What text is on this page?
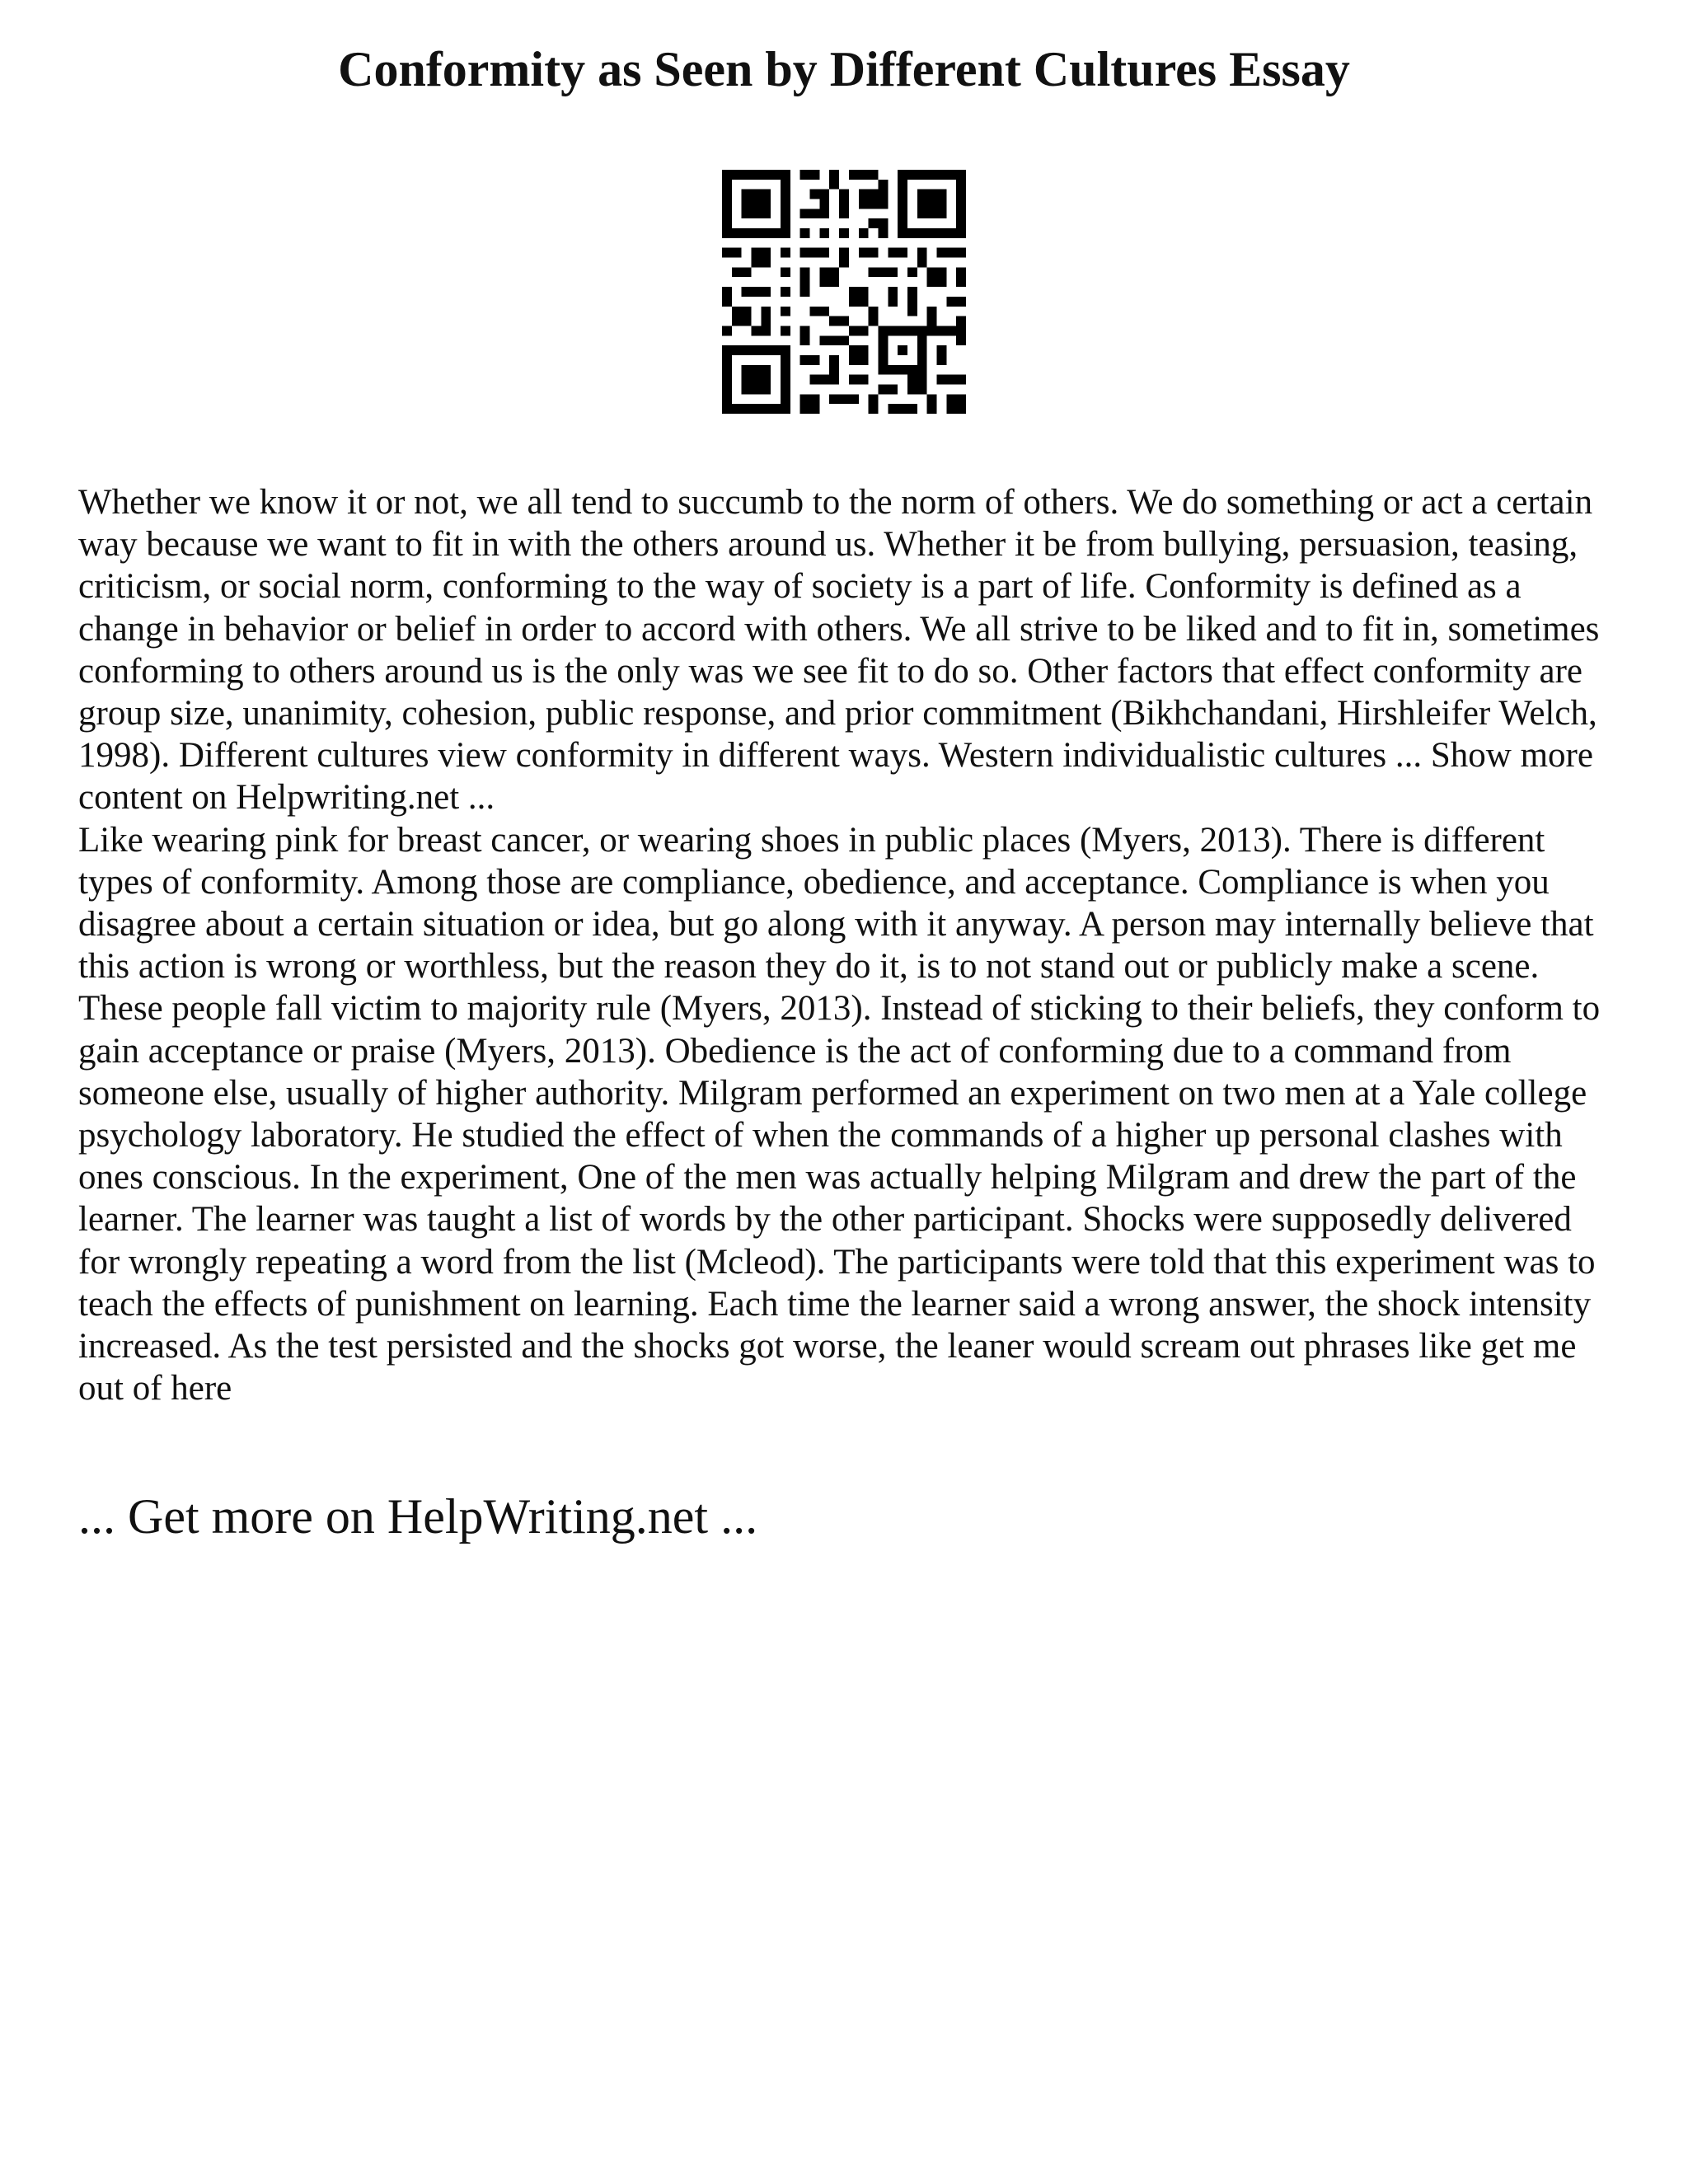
Conformity as Seen by Different Cultures Essay

Whether we know it or not, we all tend to succumb to the norm of others. We do something or act a certain way because we want to fit in with the others around us. Whether it be from bullying, persuasion, teasing, criticism, or social norm, conforming to the way of society is a part of life. Conformity is defined as a change in behavior or belief in order to accord with others. We all strive to be liked and to fit in, sometimes conforming to others around us is the only was we see fit to do so. Other factors that effect conformity are group size, unanimity, cohesion, public response, and prior commitment (Bikhchandani, Hirshleifer Welch, 1998). Different cultures view conformity in different ways. Western individualistic cultures ... Show more content on Helpwriting.net ...

Like wearing pink for breast cancer, or wearing shoes in public places (Myers, 2013). There is different types of conformity. Among those are compliance, obedience, and acceptance. Compliance is when you disagree about a certain situation or idea, but go along with it anyway. A person may internally believe that this action is wrong or worthless, but the reason they do it, is to not stand out or publicly make a scene. These people fall victim to majority rule (Myers, 2013). Instead of sticking to their beliefs, they conform to gain acceptance or praise (Myers, 2013). Obedience is the act of conforming due to a command from someone else, usually of higher authority. Milgram performed an experiment on two men at a Yale college psychology laboratory. He studied the effect of when the commands of a higher up personal clashes with ones conscious. In the experiment, One of the men was actually helping Milgram and drew the part of the learner. The learner was taught a list of words by the other participant. Shocks were supposedly delivered for wrongly repeating a word from the list (Mcleod). The participants were told that this experiment was to teach the effects of punishment on learning. Each time the learner said a wrong answer, the shock intensity increased. As the test persisted and the shocks got worse, the leaner would scream out phrases like get me out of here

... Get more on HelpWriting.net ...
